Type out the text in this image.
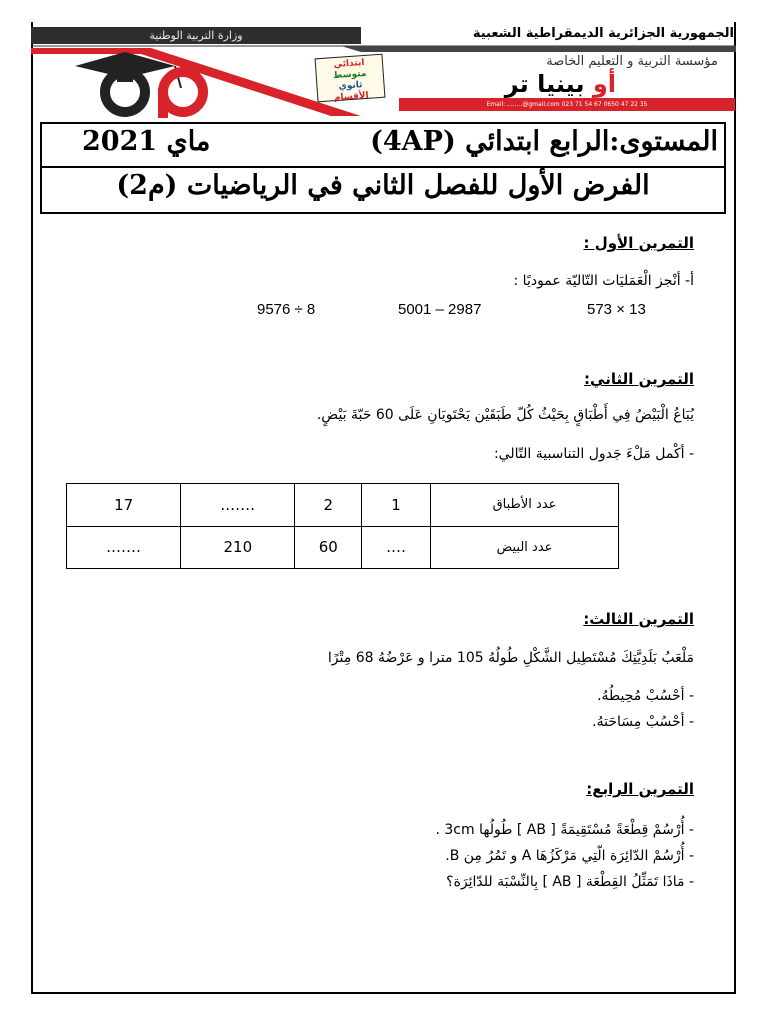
وزارة التربية الوطنية	الجمهورية الجزائرية الديمقراطية الشعبية
ابتدائي
متوسط
ثانوي
الأقسام
مؤسسة التربية و التعليم الخاصة
أو بينيا تر
Email: ........@gmail.com 023 71 54 67 0650 47 22 35
المستوى:الرابع ابتدائي (4AP)
ماي 2021
الفرض الأول للفصل الثاني في الرياضيات (م2)
التمرين الأول :
أ- أنْجز الْعَمَليَات التّاليّة عموديًا :
573 × 13
5001 – 2987
9576 ÷ 8
التمرين الثاني:
يُبَاعُ الْبَيْضُ فِي أَطْبَاقٍ بِحَيْثُ كُلّ طَبَقَيْن يَحْتَويَانِ عَلَى 60 حَبّةَ بَيْضٍ.
- أكْمل مَلْءَ جَدول التناسبية التّالي:
عدد الأطباق	1	2	…….	17
عدد البيض	….	60	210	…….
التمرين الثالث:
مَلْعَبُ بَلَدِيَّتِكَ مُسْتَطِيل الشَّكْلِ طُولُهُ 105 مترا و عَرْضُهُ 68 مِتْرًا
- أحْسُبْ مُحِيطُهُ.
- أحْسُبْ مِسَاحَتهُ.
التمرين الرابع:
- أُرْسُمْ قِطْعَةً مُسْتَقِيمَةً [ AB ] طُولُها 3cm .
- أُرْسُمْ الدّائِرَة الّتِي مَرْكَزُهَا A و تَمُرُ مِن B.
- مَاذَا تَمَثِّلُ القِطْعَة [ AB ] بِالنِّسْبَة للدّائِرَة؟
